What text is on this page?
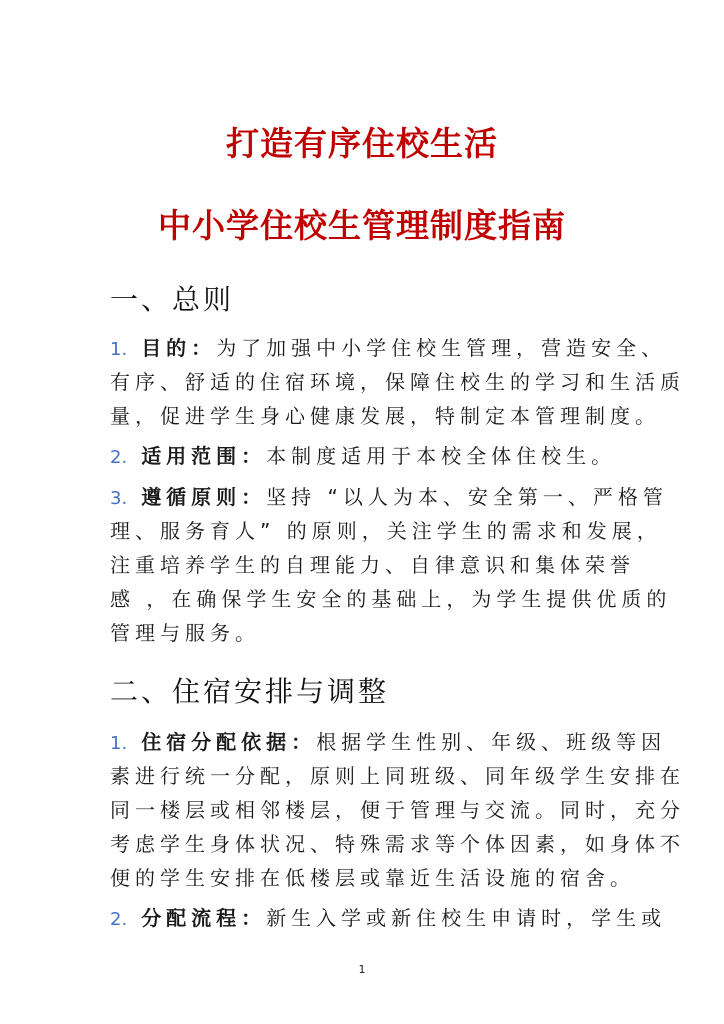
打造有序住校生活
中小学住校生管理制度指南
一、总则
1. 目的：为了加强中小学住校生管理，营造安全、
有序、舒适的住宿环境，保障住校生的学习和生活质
量，促进学生身心健康发展，特制定本管理制度。
2. 适用范围：本制度适用于本校全体住校生。
3. 遵循原则：坚持 “以人为本、安全第一、严格管
理、服务育人” 的原则，关注学生的需求和发展，
注重培养学生的自理能力、自律意识和集体荣誉
感 ，在确保学生安全的基础上，为学生提供优质的
管理与服务。
二、住宿安排与调整
1. 住宿分配依据：根据学生性别、年级、班级等因
素进行统一分配，原则上同班级、同年级学生安排在
同一楼层或相邻楼层，便于管理与交流。同时，充分
考虑学生身体状况、特殊需求等个体因素，如身体不
便的学生安排在低楼层或靠近生活设施的宿舍。
2. 分配流程：新生入学或新住校生申请时，学生或
1
